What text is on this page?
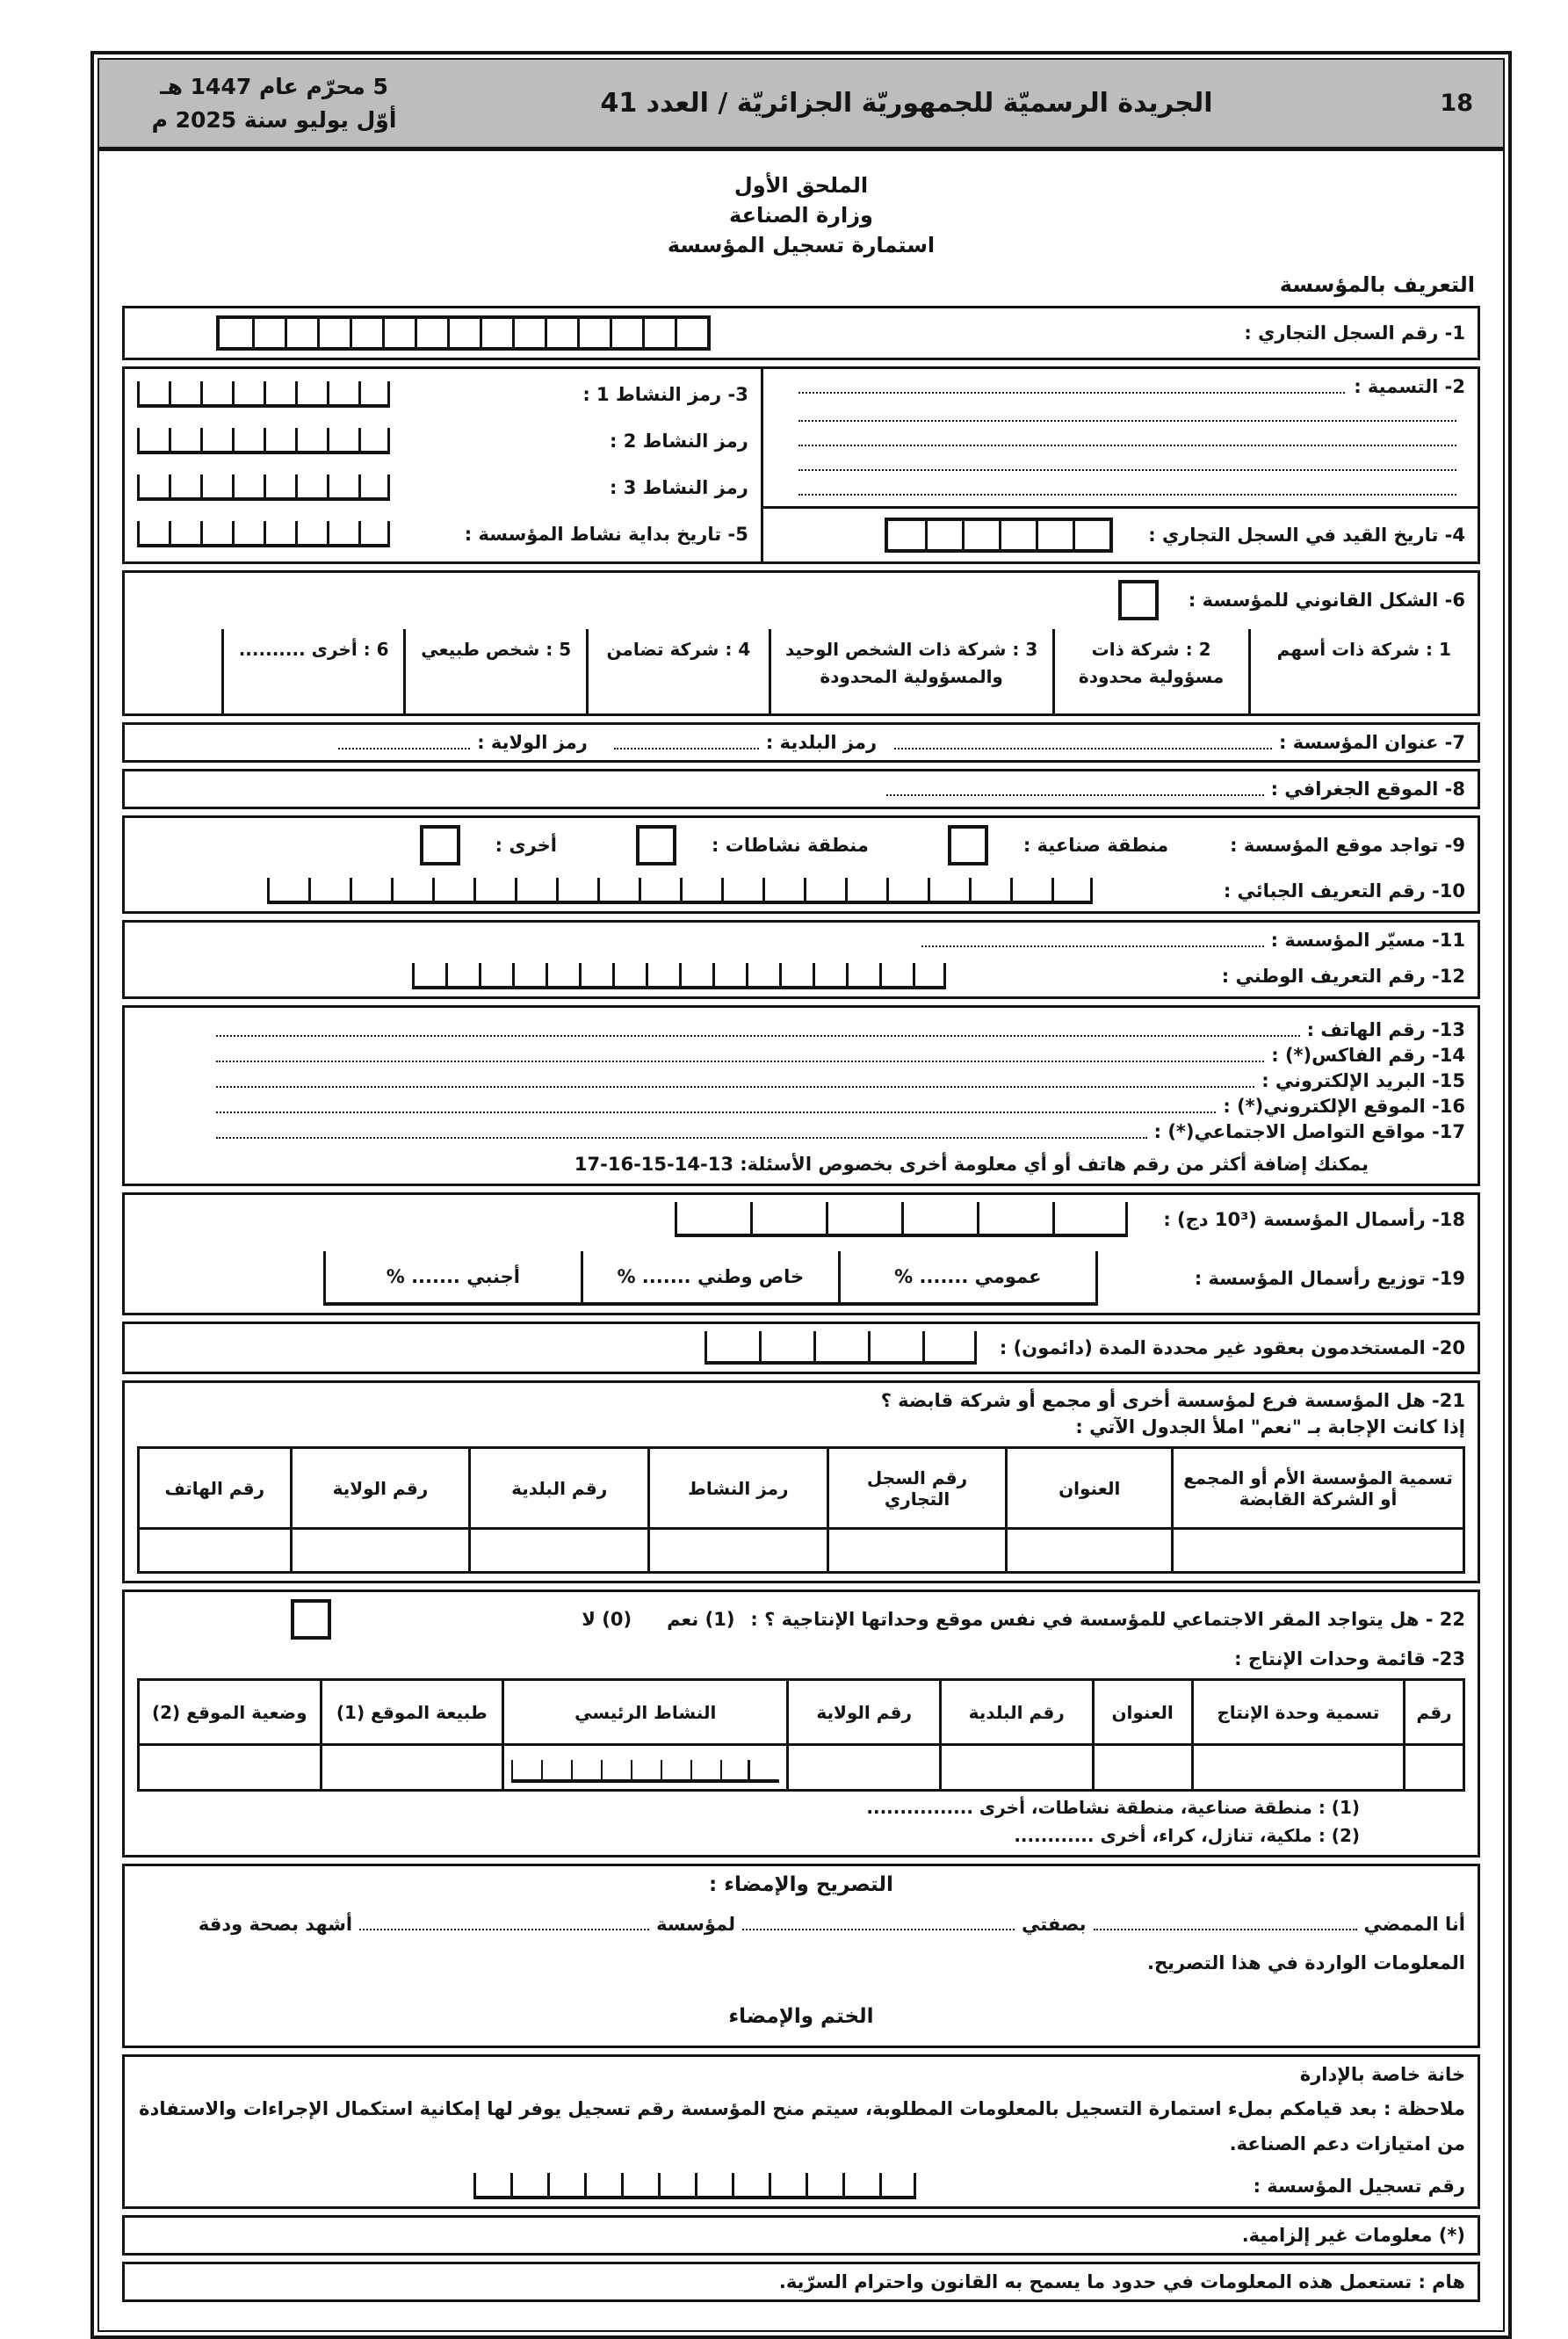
18
الجريدة الرسميّة للجمهوريّة الجزائريّة / العدد 41
5 محرّم عام 1447 هـ
أوّل يوليو سنة 2025 م
الملحق الأول
وزارة الصناعة
استمارة تسجيل المؤسسة
التعريف بالمؤسسة
1- رقم السجل التجاري :
2- التسمية :
4- تاريخ القيد في السجل التجاري :
3- رمز النشاط 1 :
رمز النشاط 2 :
رمز النشاط 3 :
5- تاريخ بداية نشاط المؤسسة :
6- الشكل القانوني للمؤسسة :
1 : شركة ذات أسهم
2 : شركة ذات مسؤولية محدودة
3 : شركة ذات الشخص الوحيد والمسؤولية المحدودة
4 : شركة تضامن
5 : شخص طبيعي
6 : أخرى ..........
7- عنوان المؤسسة :
رمز البلدية :
رمز الولاية :
8- الموقع الجغرافي :
9- تواجد موقع المؤسسة :
منطقة صناعية :
منطقة نشاطات :
أخرى :
10- رقم التعريف الجبائي :
11- مسيّر المؤسسة :
12- رقم التعريف الوطني :
13- رقم الهاتف :
14- رقم الفاكس(*) :
15- البريد الإلكتروني :
16- الموقع الإلكتروني(*) :
17- مواقع التواصل الاجتماعي(*) :
يمكنك إضافة أكثر من رقم هاتف أو أي معلومة أخرى بخصوص الأسئلة: 13-14-15-16-17
18- رأسمال المؤسسة (10³ دج) :
19- توزيع رأسمال المؤسسة :
عمومي ....... %
خاص وطني ....... %
أجنبي ....... %
20- المستخدمون بعقود غير محددة المدة (دائمون) :
21- هل المؤسسة فرع لمؤسسة أخرى أو مجمع أو شركة قابضة ؟
إذا كانت الإجابة بـ "نعم" املأ الجدول الآتي :
تسمية المؤسسة الأم أو المجمع أو الشركة القابضة	العنوان	رقم السجل التجاري	رمز النشاط	رقم البلدية	رقم الولاية	رقم الهاتف

22 - هل يتواجد المقر الاجتماعي للمؤسسة في نفس موقع وحداتها الإنتاجية ؟ :
(1) نعم
(0) لا
23- قائمة وحدات الإنتاج :
رقم	تسمية وحدة الإنتاج	العنوان	رقم البلدية	رقم الولاية	النشاط الرئيسي	طبيعة الموقع (1)	وضعية الموقع (2)

(1) : منطقة صناعية، منطقة نشاطات، أخرى ................
(2) : ملكية، تنازل، كراء، أخرى ............
التصريح والإمضاء :

أنا الممضيبصفتيلمؤسسةأشهد بصحة ودقة المعلومات الواردة في هذا التصريح.

الختم والإمضاء
خانة خاصة بالإدارة

ملاحظة : بعد قيامكم بملء استمارة التسجيل بالمعلومات المطلوبة، سيتم منح المؤسسة رقم تسجيل يوفر لها إمكانية استكمال الإجراءات والاستفادة من امتيازات دعم الصناعة.

رقم تسجيل المؤسسة :
(*) معلومات غير إلزامية.
هام : تستعمل هذه المعلومات في حدود ما يسمح به القانون واحترام السرّية.
